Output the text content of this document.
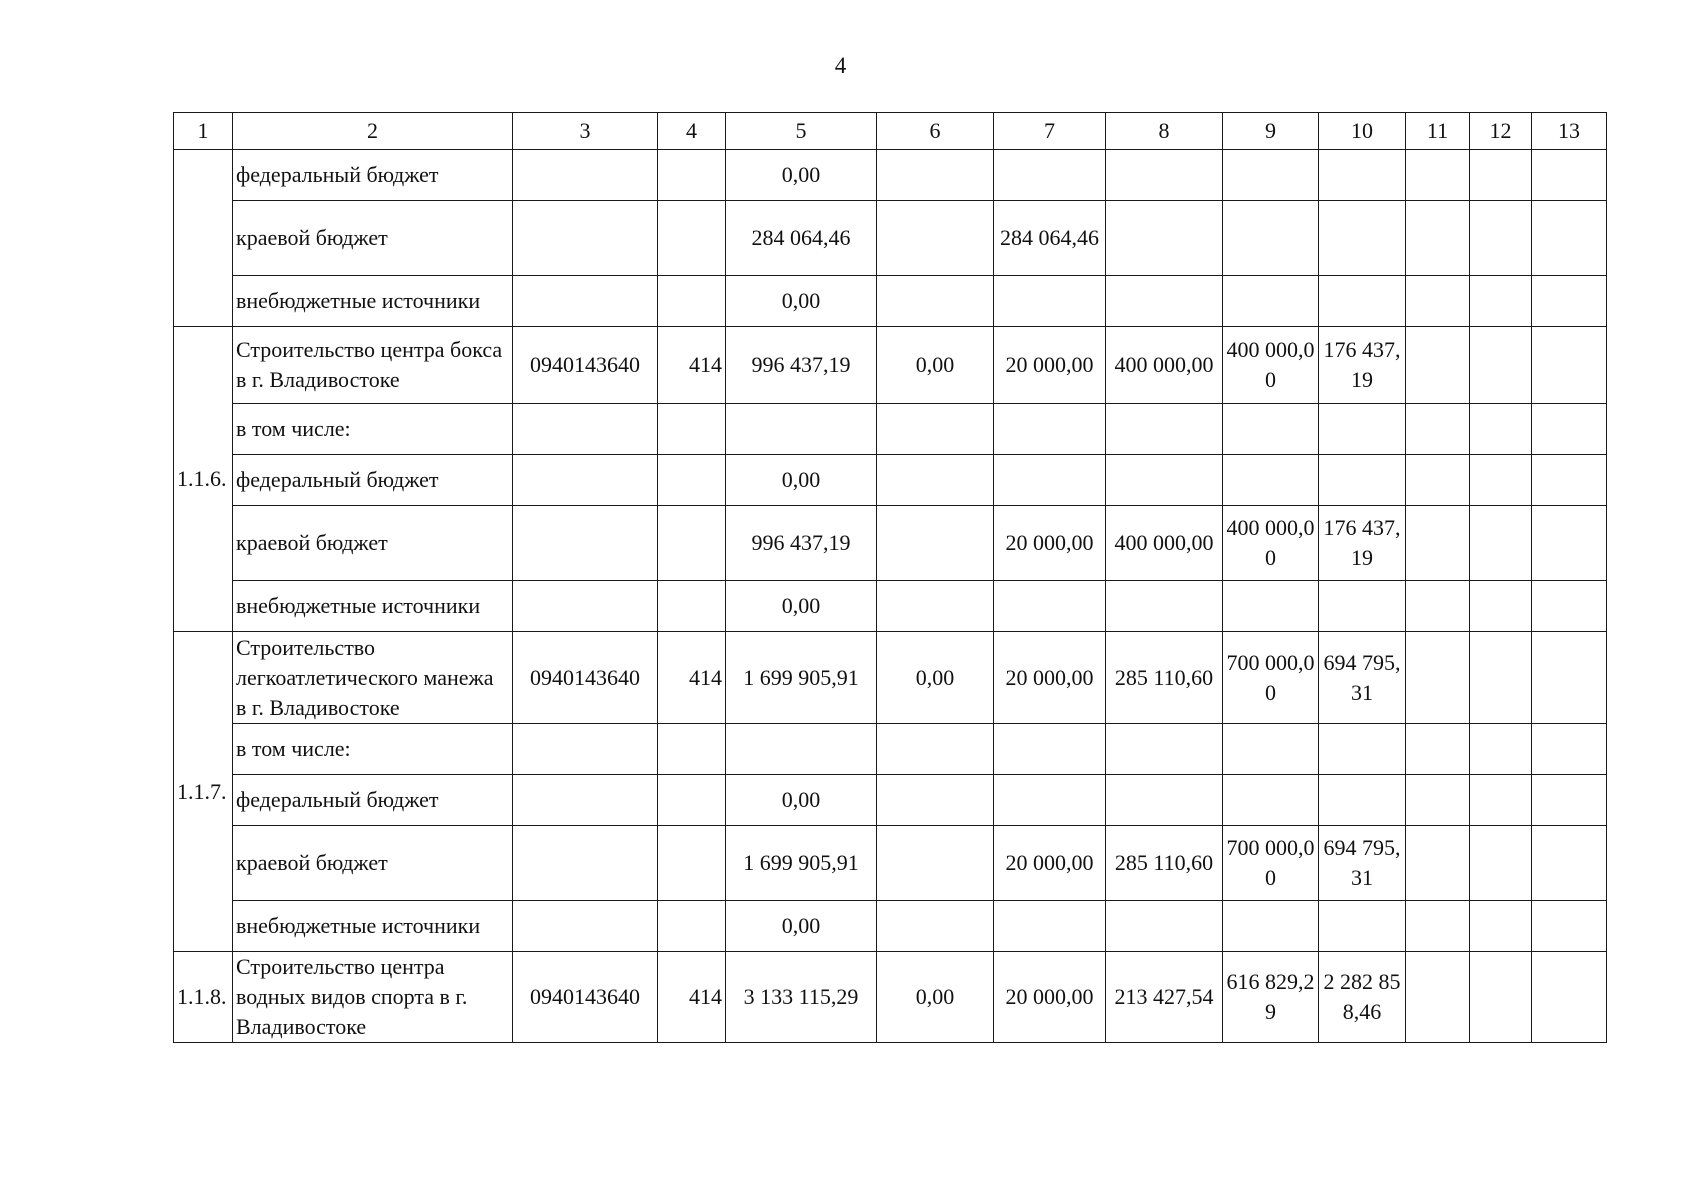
4
1	2	3	4	5	6	7	8	9	10	11	12	13
	федеральный бюджет			0,00								
	краевой бюджет			284 064,46		284 064,46						
	внебюджетные источники			0,00								
1.1.6.	Строительство центра бокса в г. Владивостоке	0940143640	414	996 437,19	0,00	20 000,00	400 000,00	400 000,00	176 437,19			
	в том числе:											
	федеральный бюджет			0,00								
	краевой бюджет			996 437,19		20 000,00	400 000,00	400 000,00	176 437,19			
	внебюджетные источники			0,00								
1.1.7.	Строительство легкоатлетического манежа в г. Владивостоке	0940143640	414	1 699 905,91	0,00	20 000,00	285 110,60	700 000,00	694 795,31			
	в том числе:											
	федеральный бюджет			0,00								
	краевой бюджет			1 699 905,91		20 000,00	285 110,60	700 000,00	694 795,31			
	внебюджетные источники			0,00								
1.1.8.	Строительство центра водных видов спорта в г. Владивостоке	0940143640	414	3 133 115,29	0,00	20 000,00	213 427,54	616 829,29	2 282 858,46			
